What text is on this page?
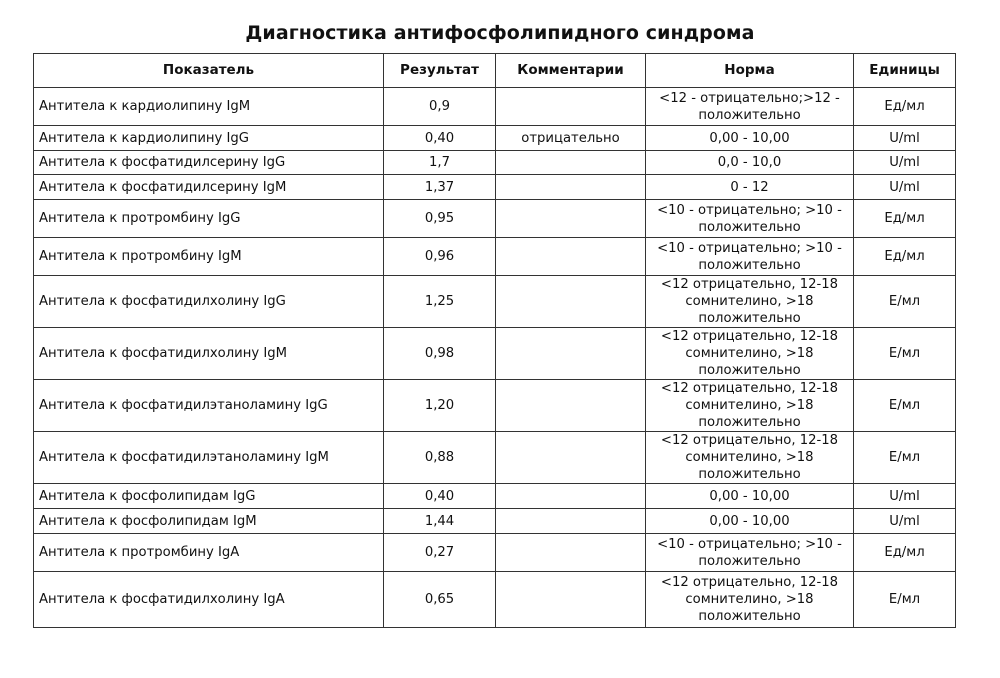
Диагностика антифосфолипидного синдрома
Показатель	Результат	Комментарии	Норма	Единицы
Антитела к кардиолипину IgM	0,9		<12 - отрицательно;>12 - положительно	Ед/мл
Антитела к кардиолипину IgG	0,40	отрицательно	0,00 - 10,00	U/ml
Антитела к фосфатидилсерину IgG	1,7		0,0 - 10,0	U/ml
Антитела к фосфатидилсерину IgM	1,37		0 - 12	U/ml
Антитела к протромбину IgG	0,95		<10 - отрицательно; >10 - положительно	Ед/мл
Антитела к протромбину IgM	0,96		<10 - отрицательно; >10 - положительно	Ед/мл
Антитела к фосфатидилхолину IgG	1,25		<12 отрицательно, 12-18 сомнителино, >18 положительно	Е/мл
Антитела к фосфатидилхолину IgM	0,98		<12 отрицательно, 12-18 сомнителино, >18 положительно	Е/мл
Антитела к фосфатидилэтаноламину IgG	1,20		<12 отрицательно, 12-18 сомнителино, >18 положительно	Е/мл
Антитела к фосфатидилэтаноламину IgM	0,88		<12 отрицательно, 12-18 сомнителино, >18 положительно	Е/мл
Антитела к фосфолипидам IgG	0,40		0,00 - 10,00	U/ml
Антитела к фосфолипидам IgM	1,44		0,00 - 10,00	U/ml
Антитела к протромбину IgA	0,27		<10 - отрицательно; >10 - положительно	Ед/мл
Антитела к фосфатидилхолину IgA	0,65		<12 отрицательно, 12-18 сомнителино, >18 положительно	Е/мл
